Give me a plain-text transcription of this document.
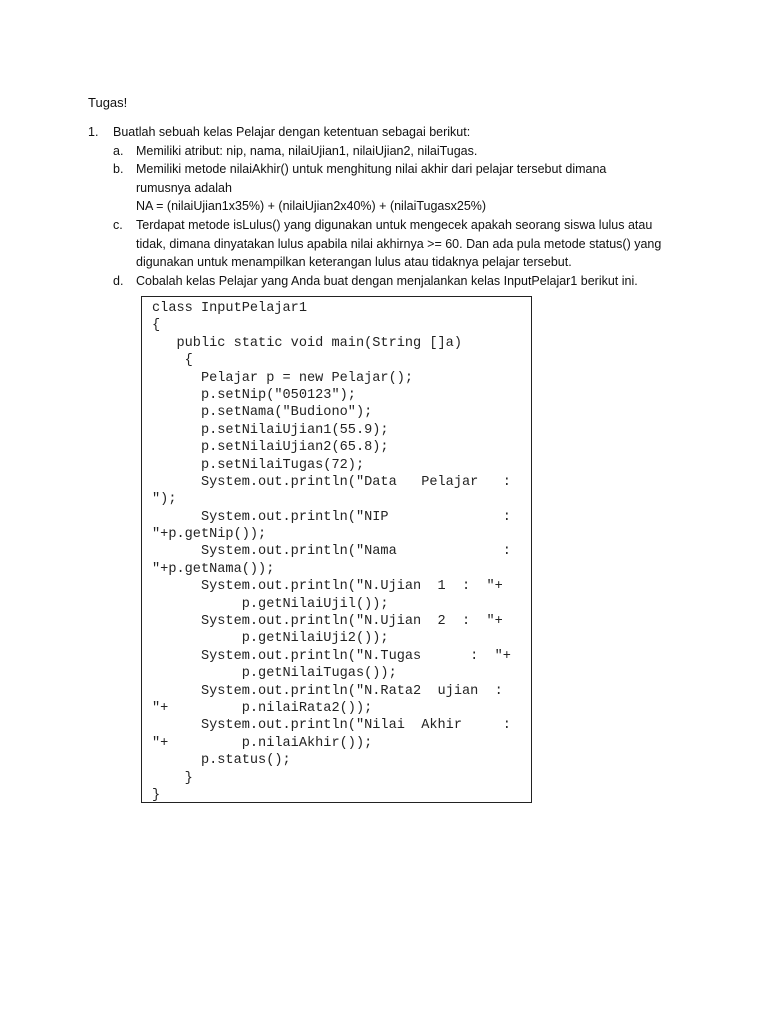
Tugas!
1. Buatlah sebuah kelas Pelajar dengan ketentuan sebagai berikut:
a. Memiliki atribut: nip, nama, nilaiUjian1, nilaiUjian2, nilaiTugas.
b. Memiliki metode nilaiAkhir() untuk menghitung nilai akhir dari pelajar tersebut dimana
rumusnya adalah
NA = (nilaiUjian1x35%) + (nilaiUjian2x40%) + (nilaiTugasx25%)
c. Terdapat metode isLulus() yang digunakan untuk mengecek apakah seorang siswa lulus atau
tidak, dimana dinyatakan lulus apabila nilai akhirnya >= 60. Dan ada pula metode status() yang
digunakan untuk menampilkan keterangan lulus atau tidaknya pelajar tersebut.
d. Cobalah kelas Pelajar yang Anda buat dengan menjalankan kelas InputPelajar1 berikut ini.
class InputPelajar1
{
public static void main(String []a)
{
Pelajar p = new Pelajar();
p.setNip("050123");
p.setNama("Budiono");
p.setNilaiUjian1(55.9);
p.setNilaiUjian2(65.8);
p.setNilaiTugas(72);
System.out.println("Data   Pelajar   :
");
System.out.println("NIP              :
"+p.getNip());
System.out.println("Nama             :
"+p.getNama());
System.out.println("N.Ujian  1  :  "+
p.getNilaiUjil());
System.out.println("N.Ujian  2  :  "+
p.getNilaiUji2());
System.out.println("N.Tugas      :  "+
p.getNilaiTugas());
System.out.println("N.Rata2  ujian  :
"+         p.nilaiRata2());
System.out.println("Nilai  Akhir     :
"+         p.nilaiAkhir());
p.status();
}
}
